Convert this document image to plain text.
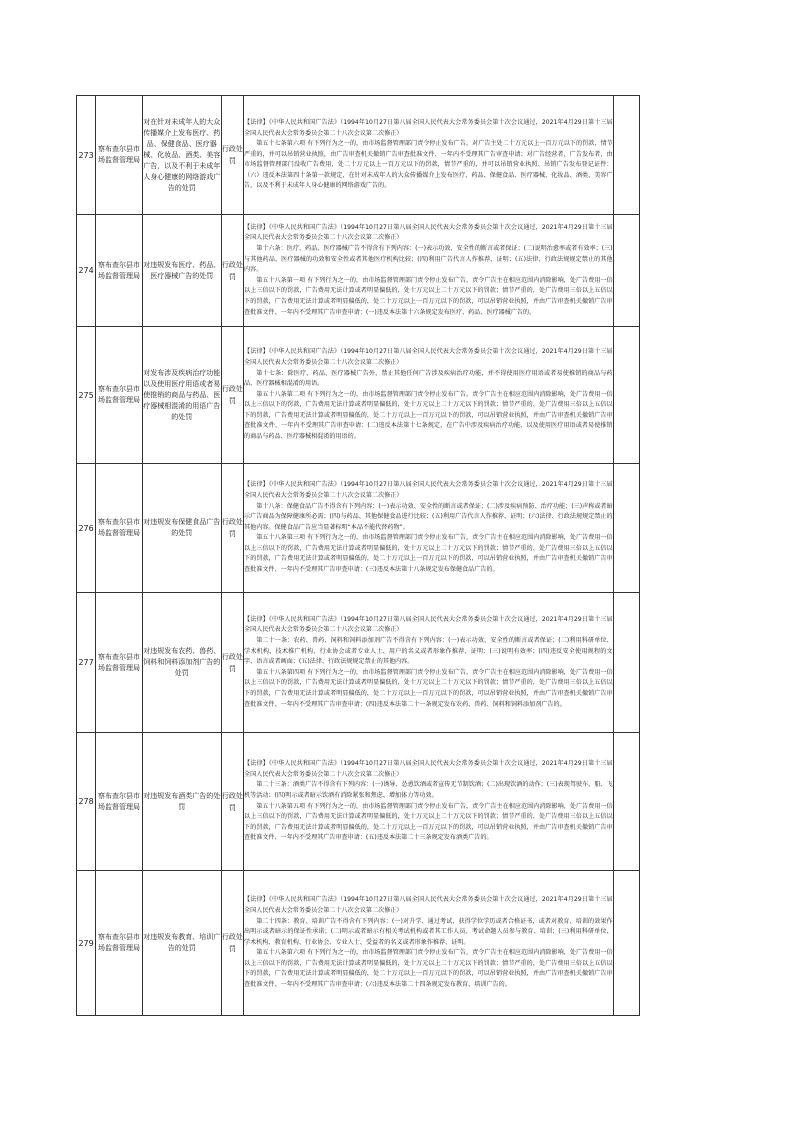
273	察布查尔县市场监督管理局	对在针对未成年人的大众传播媒介上发布医疗、药品、保健食品、医疗器械、化妆品、酒类、美容广告，以及不利于未成年人身心健康的网络游戏广告的处罚	行政处罚	【法律】《中华人民共和国广告法》（1994年10月27日第八届全国人民代表大会常务委员会第十次会议通过，2021年4月29日第十三届全国人民代表大会常务委员会第二十八次会议第二次修正）

第五十七条第六项 有下列行为之一的，由市场监督管理部门责令停止发布广告，对广告主处二十万元以上一百万元以下的罚款，情节严重的，并可以吊销营业执照，由广告审查机关撤销广告审查批准文件、一年内不受理其广告审查申请；对广告经营者、广告发布者，由市场监督管理部门没收广告费用，处二十万元以上一百万元以下的罚款，情节严重的，并可以吊销营业执照、吊销广告发布登记证件：（六）违反本法第四十条第一款规定，在针对未成年人的大众传播媒介上发布医疗、药品、保健食品、医疗器械、化妆品、酒类、美容广告，以及不利于未成年人身心健康的网络游戏广告的。	

274	察布查尔县市场监督管理局	对违规发布医疗、药品、医疗器械广告的处罚	行政处罚	【法律】《中华人民共和国广告法》（1994年10月27日第八届全国人民代表大会常务委员会第十次会议通过，2021年4月29日第十三届全国人民代表大会常务委员会第二十八次会议第二次修正）

第十六条：医疗、药品、医疗器械广告不得含有下列内容：(一)表示功效、安全性的断言或者保证；(二)说明治愈率或者有效率；(三)与其他药品、医疗器械的功效和安全性或者其他医疗机构比较；(四)利用广告代言人作推荐、证明；(五)法律、行政法规规定禁止的其他内容。

第五十八条第一项 有下列行为之一的，由市场监督管理部门责令停止发布广告，责令广告主在相应范围内消除影响，处广告费用一倍以上三倍以下的罚款，广告费用无法计算或者明显偏低的，处十万元以上二十万元以下的罚款；情节严重的，处广告费用三倍以上五倍以下的罚款，广告费用无法计算或者明显偏低的，处二十万元以上一百万元以下的罚款，可以吊销营业执照，并由广告审查机关撤销广告审查批准文件、一年内不受理其广告审查申请：(一)违反本法第十六条规定发布医疗、药品、医疗器械广告的。	

275	察布查尔县市场监督管理局	对发布涉及疾病治疗功能以及使用医疗用语或者易使推销的商品与药品、医疗器械相混淆的用语广告的处罚	行政处罚	【法律】《中华人民共和国广告法》（1994年10月27日第八届全国人民代表大会常务委员会第十次会议通过，2021年4月29日第十三届全国人民代表大会常务委员会第二十八次会议第二次修正）

第十七条：除医疗、药品、医疗器械广告外，禁止其他任何广告涉及疾病治疗功能，并不得使用医疗用语或者易使推销的商品与药品、医疗器械相混淆的用语。

第五十八条第二项 有下列行为之一的，由市场监督管理部门责令停止发布广告，责令广告主在相应范围内消除影响，处广告费用一倍以上三倍以下的罚款，广告费用无法计算或者明显偏低的，处十万元以上二十万元以下的罚款；情节严重的，处广告费用三倍以上五倍以下的罚款，广告费用无法计算或者明显偏低的，处二十万元以上一百万元以下的罚款，可以吊销营业执照，并由广告审查机关撤销广告审查批准文件、一年内不受理其广告审查申请：(二)违反本法第十七条规定，在广告中涉及疾病治疗功能，以及使用医疗用语或者易使推销的商品与药品、医疗器械相混淆的用语的。	

276	察布查尔县市场监督管理局	对违规发布保健食品广告的处罚	行政处罚	【法律】《中华人民共和国广告法》（1994年10月27日第八届全国人民代表大会常务委员会第十次会议通过，2021年4月29日第十三届全国人民代表大会常务委员会第二十八次会议第二次修正）

第十八条：保健食品广告不得含有下列内容：(一)表示功效、安全性的断言或者保证；(二)涉及疾病预防、治疗功能；(三)声称或者暗示广告商品为保障健康所必需；(四)与药品、其他保健食品进行比较；(五)利用广告代言人作推荐、证明；(六)法律、行政法规规定禁止的其他内容。保健食品广告应当显著标明“本品不能代替药物”。

第五十八条第三项 有下列行为之一的，由市场监督管理部门责令停止发布广告，责令广告主在相应范围内消除影响，处广告费用一倍以上三倍以下的罚款，广告费用无法计算或者明显偏低的，处十万元以上二十万元以下的罚款；情节严重的，处广告费用三倍以上五倍以下的罚款，广告费用无法计算或者明显偏低的，处二十万元以上一百万元以下的罚款，可以吊销营业执照，并由广告审查机关撤销广告审查批准文件、一年内不受理其广告审查申请：(三)违反本法第十八条规定发布保健食品广告的。	

277	察布查尔县市场监督管理局	对违规发布农药、兽药、饲料和饲料添加剂广告的处罚	行政处罚	【法律】《中华人民共和国广告法》（1994年10月27日第八届全国人民代表大会常务委员会第十次会议通过，2021年4月29日第十三届全国人民代表大会常务委员会第二十八次会议第二次修正）

第二十一条：农药、兽药、饲料和饲料添加剂广告不得含有下列内容：(一)表示功效、安全性的断言或者保证；(二)利用科研单位、学术机构、技术推广机构、行业协会或者专业人士、用户的名义或者形象作推荐、证明；(三)说明有效率；(四)违反安全使用规程的文字、语言或者画面；(五)法律、行政法规规定禁止的其他内容。

第五十八条第四项 有下列行为之一的，由市场监督管理部门责令停止发布广告，责令广告主在相应范围内消除影响，处广告费用一倍以上三倍以下的罚款，广告费用无法计算或者明显偏低的，处十万元以上二十万元以下的罚款；情节严重的，处广告费用三倍以上五倍以下的罚款，广告费用无法计算或者明显偏低的，处二十万元以上一百万元以下的罚款，可以吊销营业执照，并由广告审查机关撤销广告审查批准文件、一年内不受理其广告审查申请：(四)违反本法第二十一条规定发布农药、兽药、饲料和饲料添加剂广告的。	

278	察布查尔县市场监督管理局	对违规发布酒类广告的处罚	行政处罚	【法律】《中华人民共和国广告法》（1994年10月27日第八届全国人民代表大会常务委员会第十次会议通过，2021年4月29日第十三届全国人民代表大会常务委员会第二十八次会议第二次修正）

第二十三条：酒类广告不得含有下列内容：(一)诱导、怂恿饮酒或者宣传无节制饮酒；(二)出现饮酒的动作；(三)表现驾驶车、船、飞机等活动；(四)明示或者暗示饮酒有消除紧张和焦虑、增加体力等功效。

第五十八条第五项 有下列行为之一的，由市场监督管理部门责令停止发布广告，责令广告主在相应范围内消除影响，处广告费用一倍以上三倍以下的罚款，广告费用无法计算或者明显偏低的，处十万元以上二十万元以下的罚款；情节严重的，处广告费用三倍以上五倍以下的罚款，广告费用无法计算或者明显偏低的，处二十万元以上一百万元以下的罚款，可以吊销营业执照，并由广告审查机关撤销广告审查批准文件、一年内不受理其广告审查申请：(五)违反本法第二十三条规定发布酒类广告的。	

279	察布查尔县市场监督管理局	对违规发布教育、培训广告的处罚	行政处罚	【法律】《中华人民共和国广告法》（1994年10月27日第八届全国人民代表大会常务委员会第十次会议通过，2021年4月29日第十三届全国人民代表大会常务委员会第二十八次会议第二次修正）

第二十四条：教育、培训广告不得含有下列内容：(一)对升学、通过考试、获得学位学历或者合格证书，或者对教育、培训的效果作出明示或者暗示的保证性承诺；(二)明示或者暗示有相关考试机构或者其工作人员、考试命题人员参与教育、培训；(三)利用科研单位、学术机构、教育机构、行业协会、专业人士、受益者的名义或者形象作推荐、证明。

第五十八条第六项 有下列行为之一的，由市场监督管理部门责令停止发布广告，责令广告主在相应范围内消除影响，处广告费用一倍以上三倍以下的罚款，广告费用无法计算或者明显偏低的，处十万元以上二十万元以下的罚款；情节严重的，处广告费用三倍以上五倍以下的罚款，广告费用无法计算或者明显偏低的，处二十万元以上一百万元以下的罚款，可以吊销营业执照，并由广告审查机关撤销广告审查批准文件、一年内不受理其广告审查申请：(六)违反本法第二十四条规定发布教育、培训广告的。	
